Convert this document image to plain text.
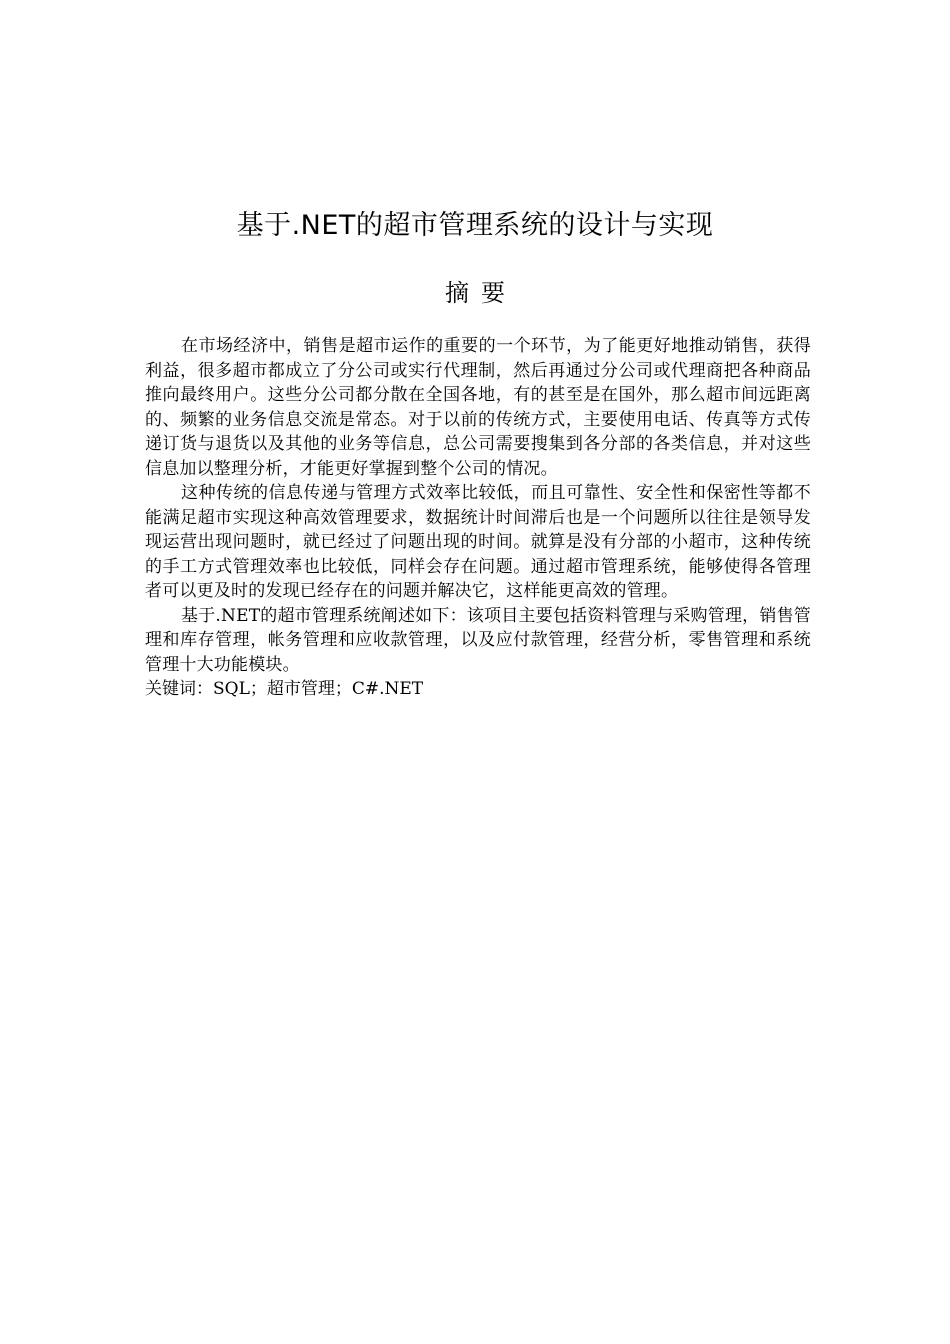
基于.NET的超市管理系统的设计与实现
摘要

在市场经济中，销售是超市运作的重要的一个环节，为了能更好地推动销售，获得利益，很多超市都成立了分公司或实行代理制，然后再通过分公司或代理商把各种商品推向最终用户。这些分公司都分散在全国各地，有的甚至是在国外，那么超市间远距离的、频繁的业务信息交流是常态。对于以前的传统方式，主要使用电话、传真等方式传递订货与退货以及其他的业务等信息，总公司需要搜集到各分部的各类信息，并对这些信息加以整理分析，才能更好掌握到整个公司的情况。

这种传统的信息传递与管理方式效率比较低，而且可靠性、安全性和保密性等都不能满足超市实现这种高效管理要求，数据统计时间滞后也是一个问题所以往往是领导发现运营出现问题时，就已经过了问题出现的时间。就算是没有分部的小超市，这种传统的手工方式管理效率也比较低，同样会存在问题。通过超市管理系统，能够使得各管理者可以更及时的发现已经存在的问题并解决它，这样能更高效的管理。

基于.NET的超市管理系统阐述如下：该项目主要包括资料管理与采购管理，销售管理和库存管理，帐务管理和应收款管理，以及应付款管理，经营分析，零售管理和系统管理十大功能模块。

关键词：SQL；超市管理；C#.NET
